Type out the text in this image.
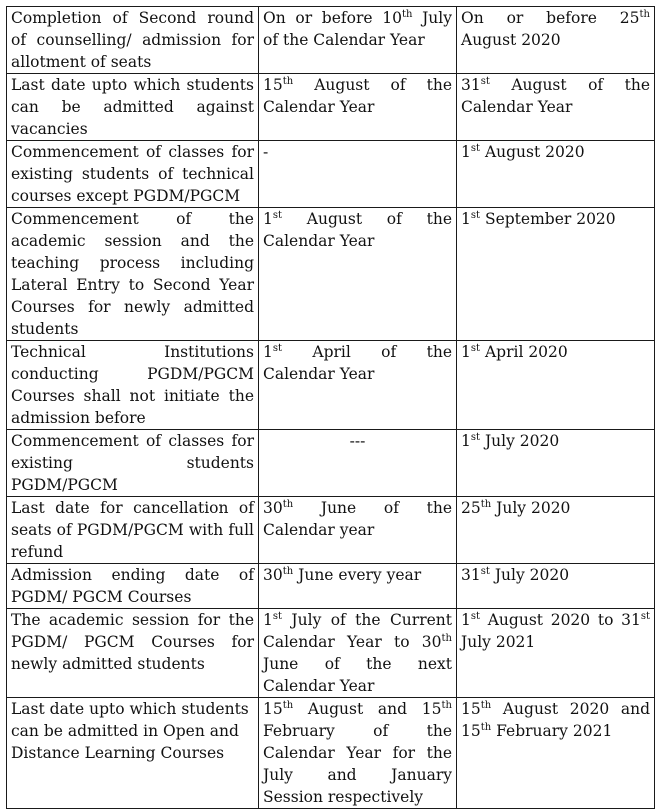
Completion of Second round of counselling/ admission for allotment of seats	On or before 10th July of the Calendar Year	On or before 25th August 2020
Last date upto which students can be admitted against vacancies	15th August of the Calendar Year	31st August of the Calendar Year
Commencement of classes for existing students of technical courses except PGDM/PGCM	-	1st August 2020
Commencement of the academic session and the teaching process including Lateral Entry to Second Year Courses for newly admitted students	1st August of the Calendar Year	1st September 2020
Technical Institutions conducting PGDM/PGCM Courses shall not initiate the admission before	1st April of the Calendar Year	1st April 2020
Commencement of classes for existing students PGDM/PGCM	---	1st July 2020
Last date for cancellation of seats of PGDM/PGCM with full refund	30th June of the Calendar year	25th July 2020
Admission ending date of PGDM/ PGCM Courses	30th June every year	31st July 2020
The academic session for the PGDM/ PGCM Courses for newly admitted students	1st July of the Current Calendar Year to 30th June of the next Calendar Year	1st August 2020 to 31st July 2021
Last date upto which students can be admitted in Open and Distance Learning Courses	15th August and 15th February of the Calendar Year for the July and January Session respectively	15th August 2020 and 15th February 2021
